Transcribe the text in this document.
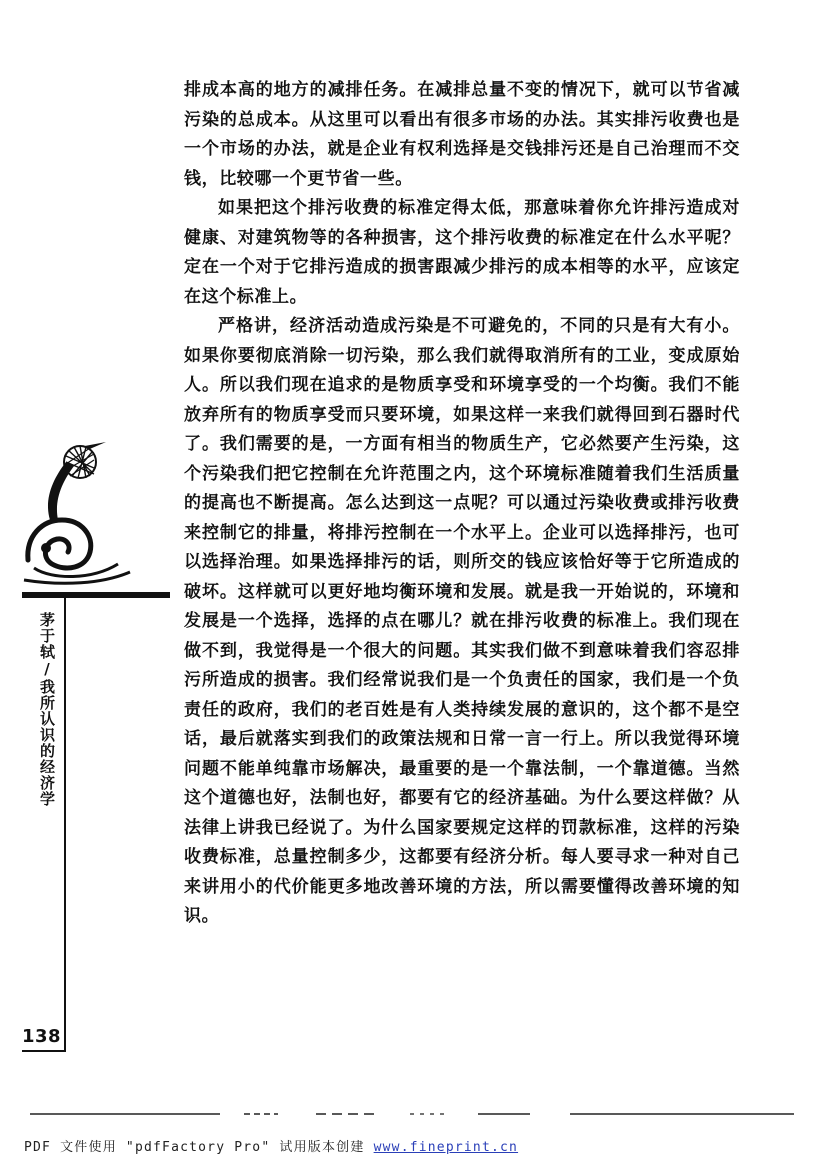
排成本高的地方的减排任务。在减排总量不变的情况下，就可以节省减污染的总成本。从这里可以看出有很多市场的办法。其实排污收费也是一个市场的办法，就是企业有权利选择是交钱排污还是自己治理而不交钱，比较哪一个更节省一些。

如果把这个排污收费的标准定得太低，那意味着你允许排污造成对健康、对建筑物等的各种损害，这个排污收费的标准定在什么水平呢？定在一个对于它排污造成的损害跟减少排污的成本相等的水平，应该定在这个标准上。

严格讲，经济活动造成污染是不可避免的，不同的只是有大有小。如果你要彻底消除一切污染，那么我们就得取消所有的工业，变成原始人。所以我们现在追求的是物质享受和环境享受的一个均衡。我们不能放弃所有的物质享受而只要环境，如果这样一来我们就得回到石器时代了。我们需要的是，一方面有相当的物质生产，它必然要产生污染，这个污染我们把它控制在允许范围之内，这个环境标准随着我们生活质量的提高也不断提高。怎么达到这一点呢？可以通过污染收费或排污收费来控制它的排量，将排污控制在一个水平上。企业可以选择排污，也可以选择治理。如果选择排污的话，则所交的钱应该恰好等于它所造成的破坏。这样就可以更好地均衡环境和发展。就是我一开始说的，环境和发展是一个选择，选择的点在哪儿？就在排污收费的标准上。我们现在做不到，我觉得是一个很大的问题。其实我们做不到意味着我们容忍排污所造成的损害。我们经常说我们是一个负责任的国家，我们是一个负责任的政府，我们的老百姓是有人类持续发展的意识的，这个都不是空话，最后就落实到我们的政策法规和日常一言一行上。所以我觉得环境问题不能单纯靠市场解决，最重要的是一个靠法制，一个靠道德。当然这个道德也好，法制也好，都要有它的经济基础。为什么要这样做？从法律上讲我已经说了。为什么国家要规定这样的罚款标准，这样的污染收费标准，总量控制多少，这都要有经济分析。每人要寻求一种对自己来讲用小的代价能更多地改善环境的方法，所以需要懂得改善环境的知识。

茅于轼/我所认识的经济学
138
PDF 文件使用 "pdfFactory Pro" 试用版本创建 www.fineprint.cn
